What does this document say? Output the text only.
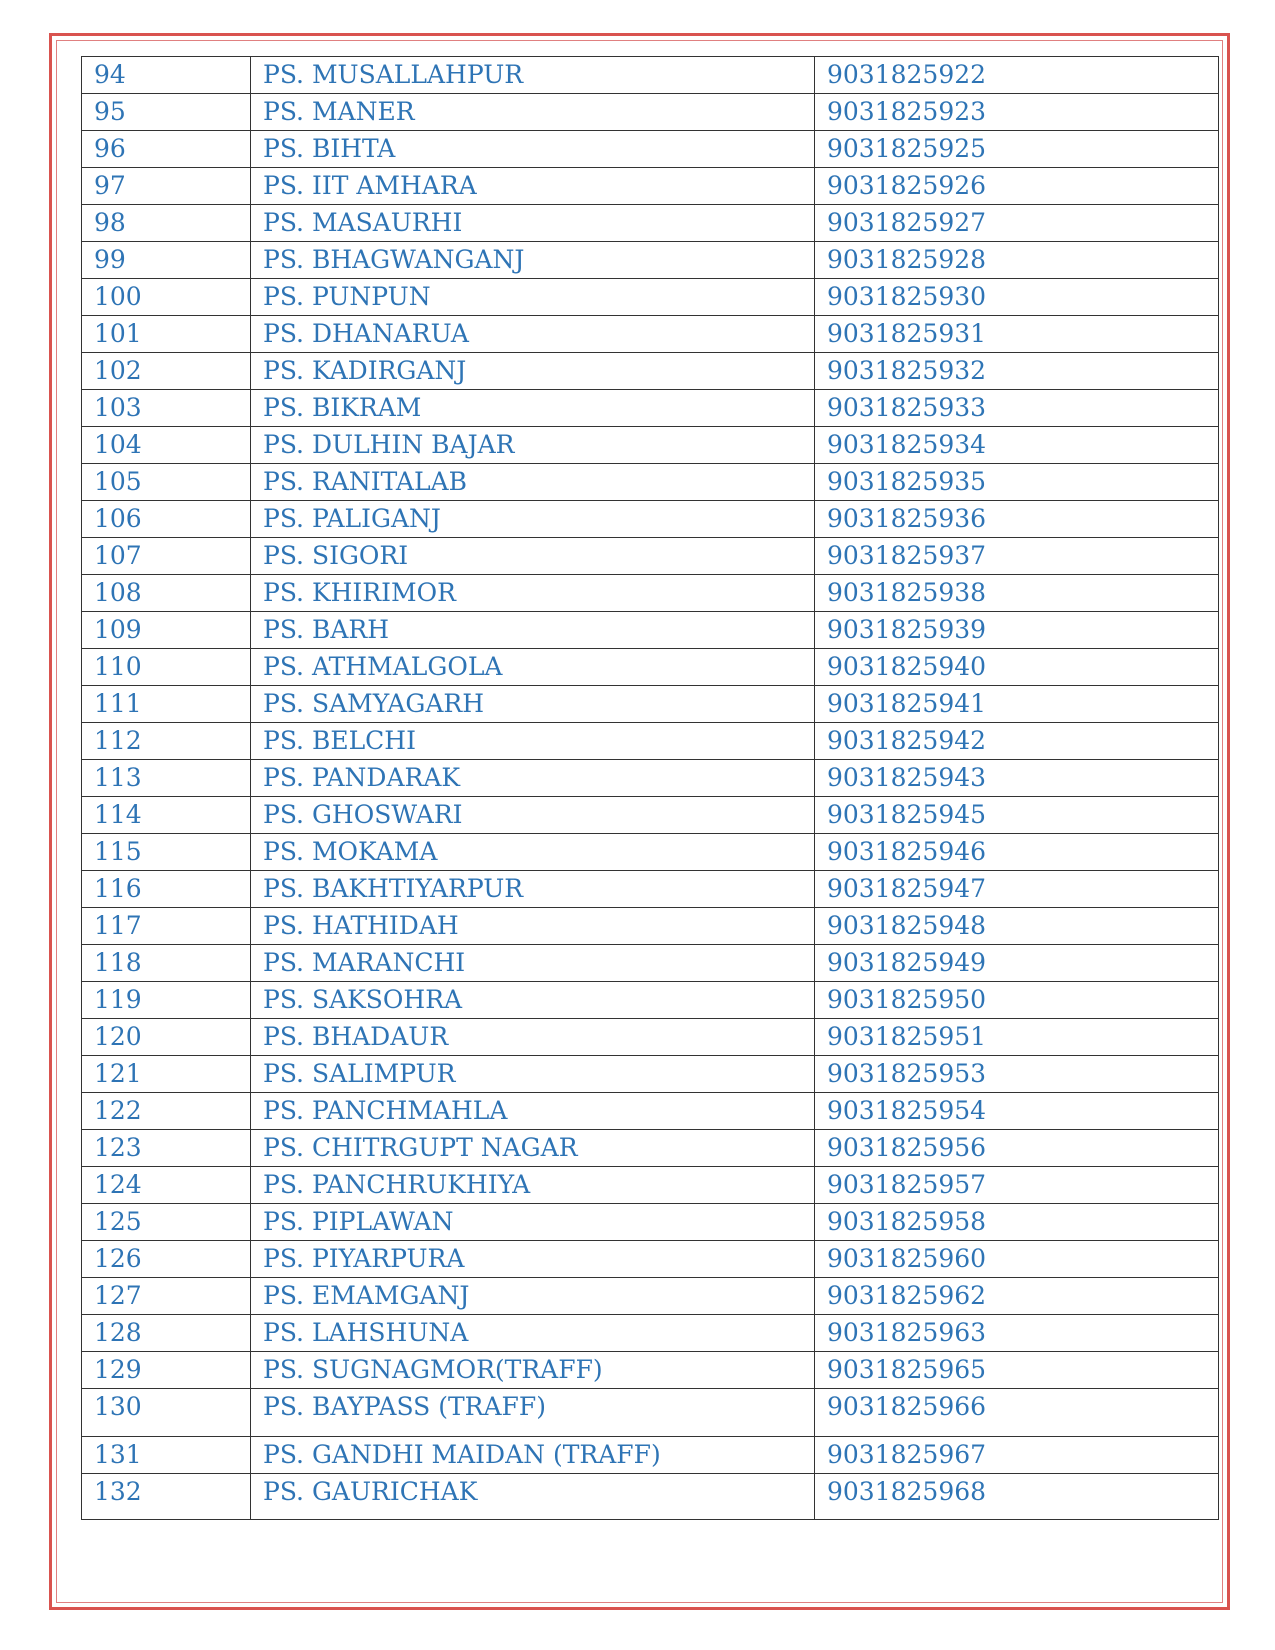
94	PS. MUSALLAHPUR	9031825922
95	PS. MANER	9031825923
96	PS. BIHTA	9031825925
97	PS. IIT AMHARA	9031825926
98	PS. MASAURHI	9031825927
99	PS. BHAGWANGANJ	9031825928
100	PS. PUNPUN	9031825930
101	PS. DHANARUA	9031825931
102	PS. KADIRGANJ	9031825932
103	PS. BIKRAM	9031825933
104	PS. DULHIN BAJAR	9031825934
105	PS. RANITALAB	9031825935
106	PS. PALIGANJ	9031825936
107	PS. SIGORI	9031825937
108	PS. KHIRIMOR	9031825938
109	PS. BARH	9031825939
110	PS. ATHMALGOLA	9031825940
111	PS. SAMYAGARH	9031825941
112	PS. BELCHI	9031825942
113	PS. PANDARAK	9031825943
114	PS. GHOSWARI	9031825945
115	PS. MOKAMA	9031825946
116	PS. BAKHTIYARPUR	9031825947
117	PS. HATHIDAH	9031825948
118	PS. MARANCHI	9031825949
119	PS. SAKSOHRA	9031825950
120	PS. BHADAUR	9031825951
121	PS. SALIMPUR	9031825953
122	PS. PANCHMAHLA	9031825954
123	PS. CHITRGUPT NAGAR	9031825956
124	PS. PANCHRUKHIYA	9031825957
125	PS. PIPLAWAN	9031825958
126	PS. PIYARPURA	9031825960
127	PS. EMAMGANJ	9031825962
128	PS. LAHSHUNA	9031825963
129	PS. SUGNAGMOR(TRAFF)	9031825965
130	PS. BAYPASS (TRAFF)	9031825966
131	PS. GANDHI MAIDAN (TRAFF)	9031825967
132	PS. GAURICHAK	9031825968
